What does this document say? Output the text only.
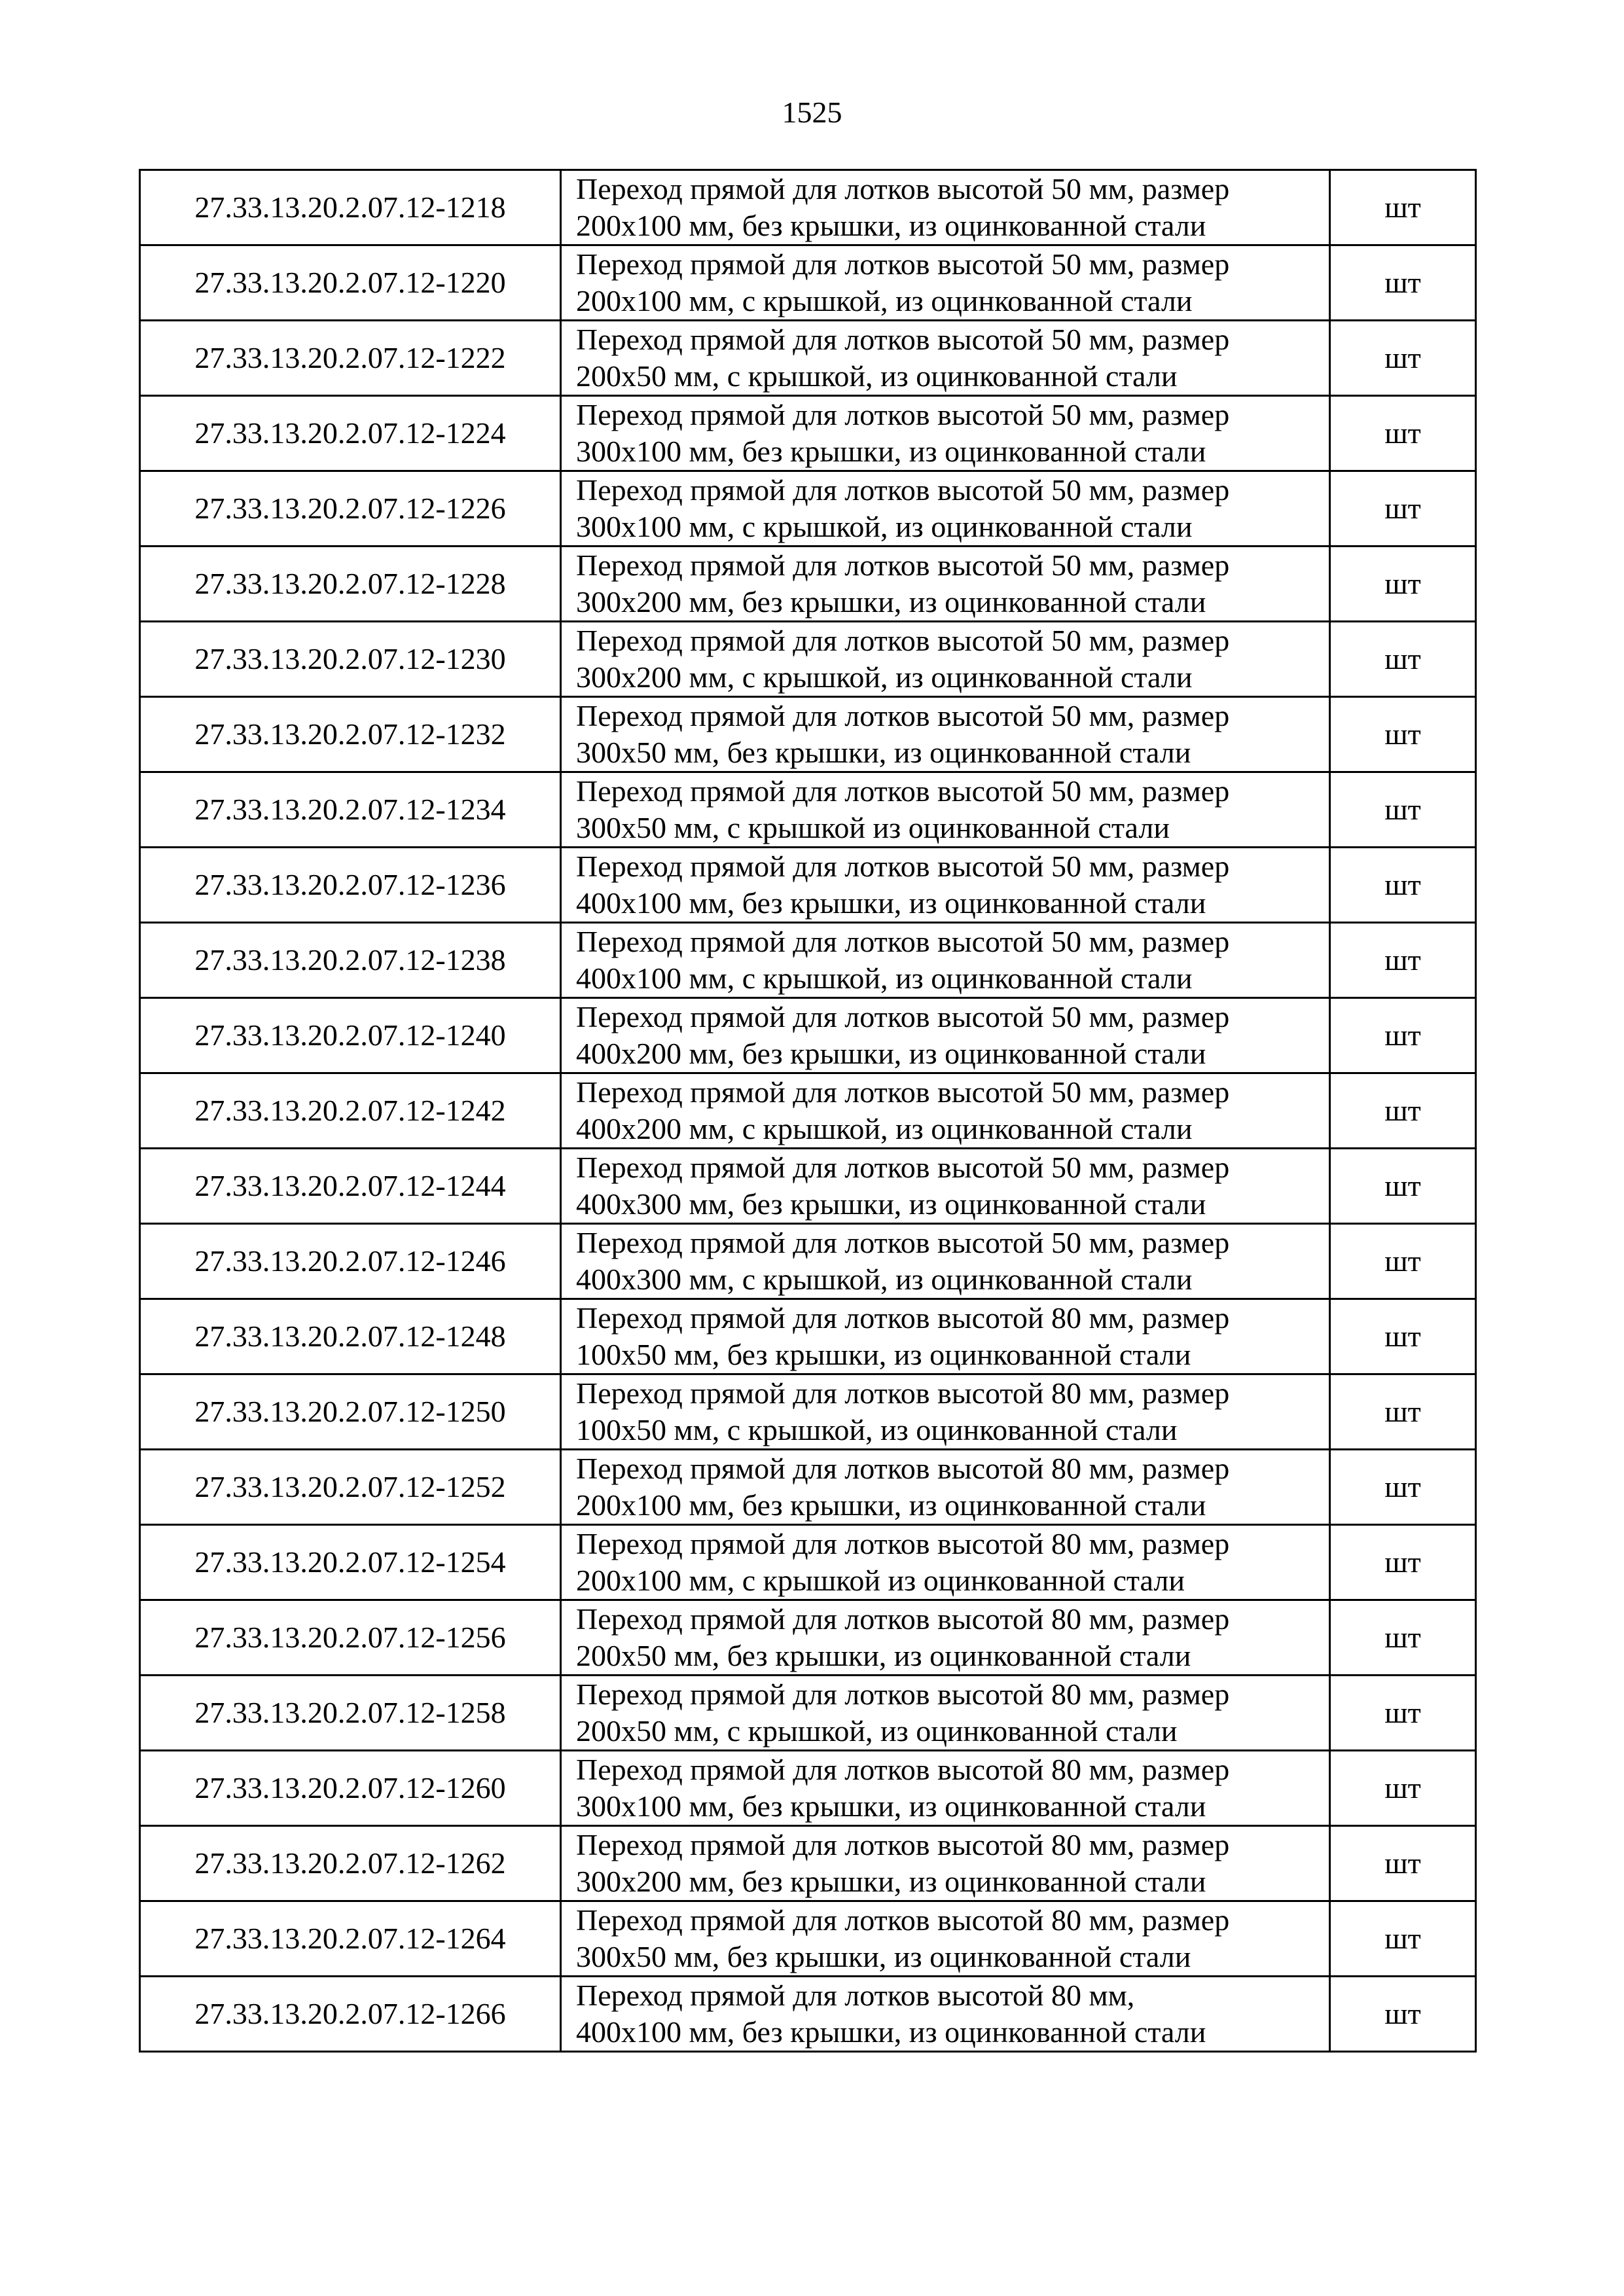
1525
27.33.13.20.2.07.12-1218	Переход прямой для лотков высотой 50 мм, размер
200х100 мм, без крышки, из оцинкованной стали	шт
27.33.13.20.2.07.12-1220	Переход прямой для лотков высотой 50 мм, размер
200х100 мм, с крышкой, из оцинкованной стали	шт
27.33.13.20.2.07.12-1222	Переход прямой для лотков высотой 50 мм, размер
200х50 мм, с крышкой, из оцинкованной стали	шт
27.33.13.20.2.07.12-1224	Переход прямой для лотков высотой 50 мм, размер
300х100 мм, без крышки, из оцинкованной стали	шт
27.33.13.20.2.07.12-1226	Переход прямой для лотков высотой 50 мм, размер
300х100 мм, с крышкой, из оцинкованной стали	шт
27.33.13.20.2.07.12-1228	Переход прямой для лотков высотой 50 мм, размер
300х200 мм, без крышки, из оцинкованной стали	шт
27.33.13.20.2.07.12-1230	Переход прямой для лотков высотой 50 мм, размер
300х200 мм, с крышкой, из оцинкованной стали	шт
27.33.13.20.2.07.12-1232	Переход прямой для лотков высотой 50 мм, размер
300х50 мм, без крышки, из оцинкованной стали	шт
27.33.13.20.2.07.12-1234	Переход прямой для лотков высотой 50 мм, размер
300х50 мм, с крышкой из оцинкованной стали	шт
27.33.13.20.2.07.12-1236	Переход прямой для лотков высотой 50 мм, размер
400х100 мм, без крышки, из оцинкованной стали	шт
27.33.13.20.2.07.12-1238	Переход прямой для лотков высотой 50 мм, размер
400х100 мм, с крышкой, из оцинкованной стали	шт
27.33.13.20.2.07.12-1240	Переход прямой для лотков высотой 50 мм, размер
400х200 мм, без крышки, из оцинкованной стали	шт
27.33.13.20.2.07.12-1242	Переход прямой для лотков высотой 50 мм, размер
400х200 мм, с крышкой, из оцинкованной стали	шт
27.33.13.20.2.07.12-1244	Переход прямой для лотков высотой 50 мм, размер
400х300 мм, без крышки, из оцинкованной стали	шт
27.33.13.20.2.07.12-1246	Переход прямой для лотков высотой 50 мм, размер
400х300 мм, с крышкой, из оцинкованной стали	шт
27.33.13.20.2.07.12-1248	Переход прямой для лотков высотой 80 мм, размер
100х50 мм, без крышки, из оцинкованной стали	шт
27.33.13.20.2.07.12-1250	Переход прямой для лотков высотой 80 мм, размер
100х50 мм, с крышкой, из оцинкованной стали	шт
27.33.13.20.2.07.12-1252	Переход прямой для лотков высотой 80 мм, размер
200х100 мм, без крышки, из оцинкованной стали	шт
27.33.13.20.2.07.12-1254	Переход прямой для лотков высотой 80 мм, размер
200х100 мм, с крышкой из оцинкованной стали	шт
27.33.13.20.2.07.12-1256	Переход прямой для лотков высотой 80 мм, размер
200х50 мм, без крышки, из оцинкованной стали	шт
27.33.13.20.2.07.12-1258	Переход прямой для лотков высотой 80 мм, размер
200х50 мм, с крышкой, из оцинкованной стали	шт
27.33.13.20.2.07.12-1260	Переход прямой для лотков высотой 80 мм, размер
300х100 мм, без крышки, из оцинкованной стали	шт
27.33.13.20.2.07.12-1262	Переход прямой для лотков высотой 80 мм, размер
300х200 мм, без крышки, из оцинкованной стали	шт
27.33.13.20.2.07.12-1264	Переход прямой для лотков высотой 80 мм, размер
300х50 мм, без крышки, из оцинкованной стали	шт
27.33.13.20.2.07.12-1266	Переход прямой для лотков высотой 80 мм,
400х100 мм, без крышки, из оцинкованной стали	шт
